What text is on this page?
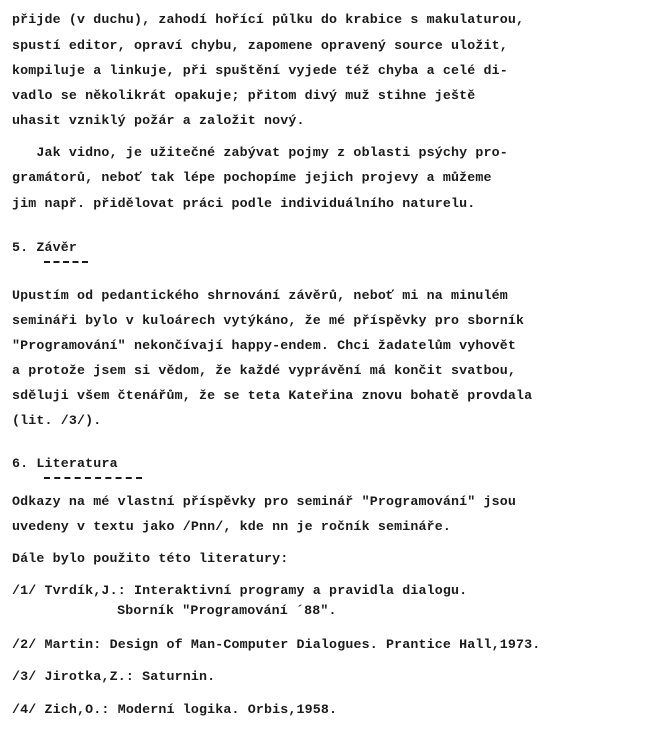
přijde (v duchu), zahodí hořící půlku do krabice s makulaturou,
spustí editor, opraví chybu, zapomene opravený source uložit,
kompiluje a linkuje, při spuštění vyjede též chyba a celé di-
vadlo se několikrát opakuje; přitom divý muž stihne ještě
uhasit vzniklý požár a založit nový.
Jak vidno, je užitečné zabývat pojmy z oblasti psýchy pro-
gramátorů, neboť tak lépe pochopíme jejich projevy a můžeme
jim např. přidělovat práci podle individuálního naturelu.
5. Závěr
Upustím od pedantického shrnování závěrů, neboť mi na minulém
semináři bylo v kuloárech vytýkáno, že mé příspěvky pro sborník
"Programování" nekončívají happy-endem. Chci žadatelům vyhovět
a protože jsem si vědom, že každé vyprávění má končit svatbou,
sděluji všem čtenářům, že se teta Kateřina znovu bohatě provdala
(lit. /3/).
6. Literatura
Odkazy na mé vlastní příspěvky pro seminář "Programování" jsou
uvedeny v textu jako /Pnn/, kde nn je ročník semináře.
Dále bylo použito této literatury:
/1/ Tvrdík,J.: Interaktivní programy a pravidla dialogu.
Sborník "Programování ´88".
/2/ Martin: Design of Man-Computer Dialogues. Prantice Hall,1973.
/3/ Jirotka,Z.: Saturnin.
/4/ Zich,O.: Moderní logika. Orbis,1958.
